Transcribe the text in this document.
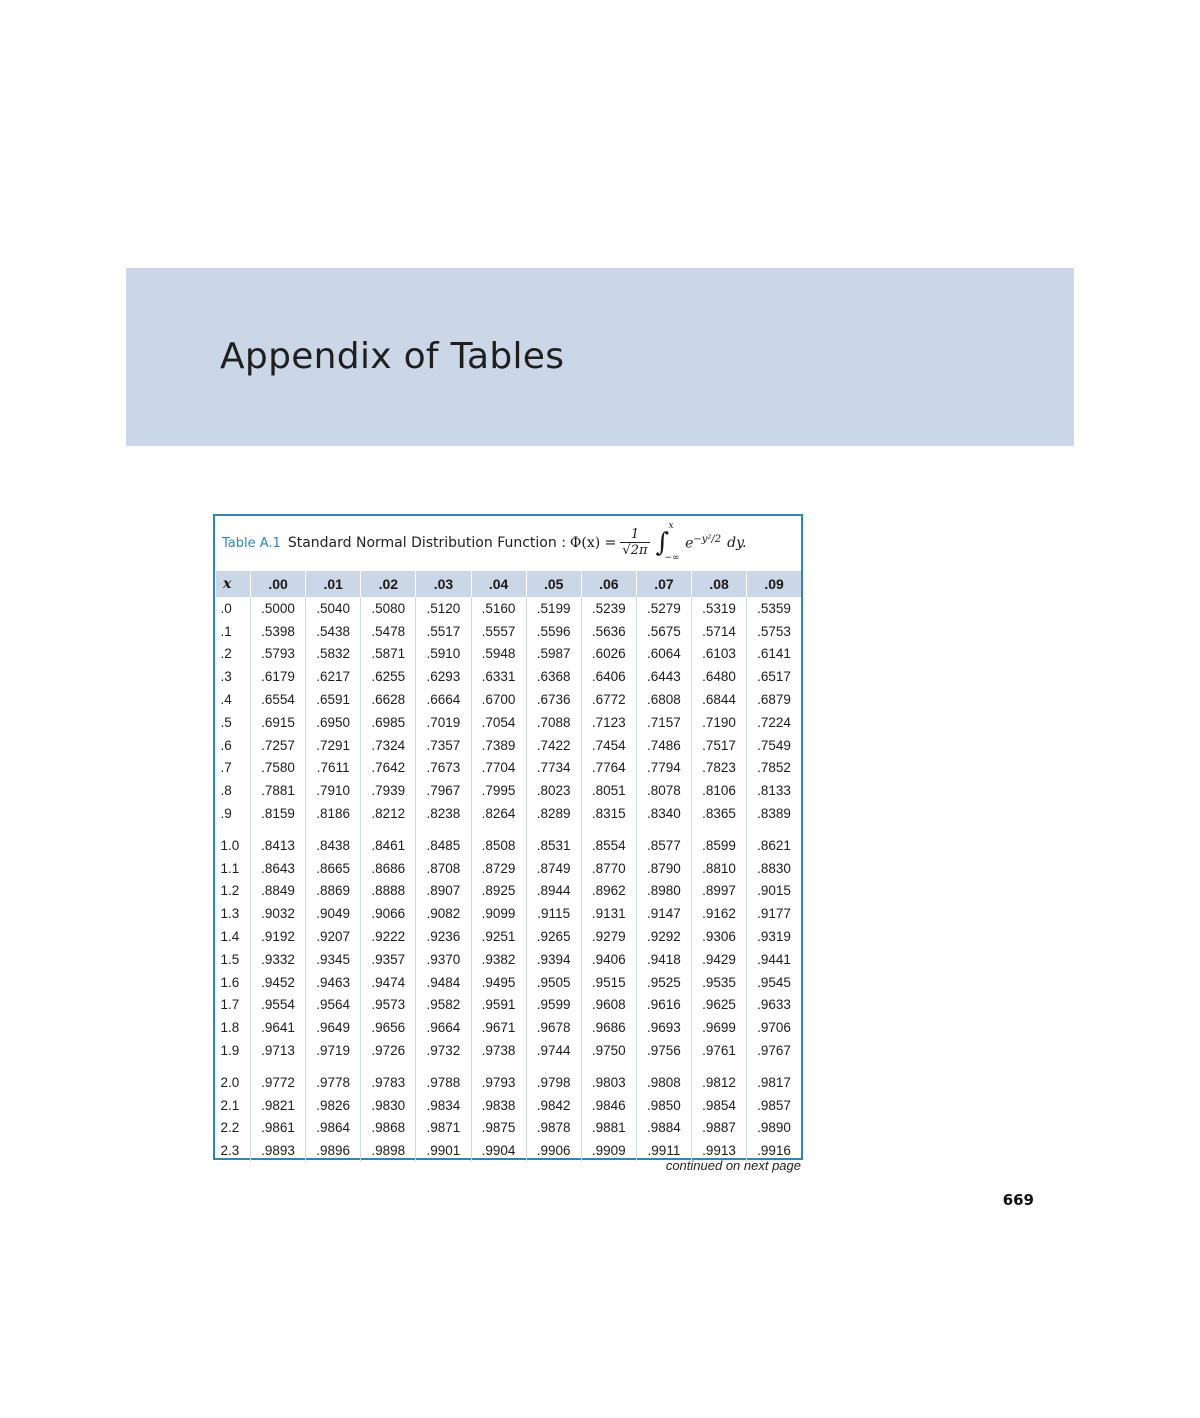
Appendix of Tables
Table A.1 Standard Normal Distribution Function : $\Phi(x) = \frac{1}{√2\pi}$ ∫
x
−∞
$e^{-y^2/2}$ dy.
x	.00	.01	.02	.03	.04	.05	.06	.07	.08	.09
.0	.5000	.5040	.5080	.5120	.5160	.5199	.5239	.5279	.5319	.5359
.1	.5398	.5438	.5478	.5517	.5557	.5596	.5636	.5675	.5714	.5753
.2	.5793	.5832	.5871	.5910	.5948	.5987	.6026	.6064	.6103	.6141
.3	.6179	.6217	.6255	.6293	.6331	.6368	.6406	.6443	.6480	.6517
.4	.6554	.6591	.6628	.6664	.6700	.6736	.6772	.6808	.6844	.6879
.5	.6915	.6950	.6985	.7019	.7054	.7088	.7123	.7157	.7190	.7224
.6	.7257	.7291	.7324	.7357	.7389	.7422	.7454	.7486	.7517	.7549
.7	.7580	.7611	.7642	.7673	.7704	.7734	.7764	.7794	.7823	.7852
.8	.7881	.7910	.7939	.7967	.7995	.8023	.8051	.8078	.8106	.8133
.9	.8159	.8186	.8212	.8238	.8264	.8289	.8315	.8340	.8365	.8389
1.0	.8413	.8438	.8461	.8485	.8508	.8531	.8554	.8577	.8599	.8621
1.1	.8643	.8665	.8686	.8708	.8729	.8749	.8770	.8790	.8810	.8830
1.2	.8849	.8869	.8888	.8907	.8925	.8944	.8962	.8980	.8997	.9015
1.3	.9032	.9049	.9066	.9082	.9099	.9115	.9131	.9147	.9162	.9177
1.4	.9192	.9207	.9222	.9236	.9251	.9265	.9279	.9292	.9306	.9319
1.5	.9332	.9345	.9357	.9370	.9382	.9394	.9406	.9418	.9429	.9441
1.6	.9452	.9463	.9474	.9484	.9495	.9505	.9515	.9525	.9535	.9545
1.7	.9554	.9564	.9573	.9582	.9591	.9599	.9608	.9616	.9625	.9633
1.8	.9641	.9649	.9656	.9664	.9671	.9678	.9686	.9693	.9699	.9706
1.9	.9713	.9719	.9726	.9732	.9738	.9744	.9750	.9756	.9761	.9767
2.0	.9772	.9778	.9783	.9788	.9793	.9798	.9803	.9808	.9812	.9817
2.1	.9821	.9826	.9830	.9834	.9838	.9842	.9846	.9850	.9854	.9857
2.2	.9861	.9864	.9868	.9871	.9875	.9878	.9881	.9884	.9887	.9890
2.3	.9893	.9896	.9898	.9901	.9904	.9906	.9909	.9911	.9913	.9916
continued on next page
669
